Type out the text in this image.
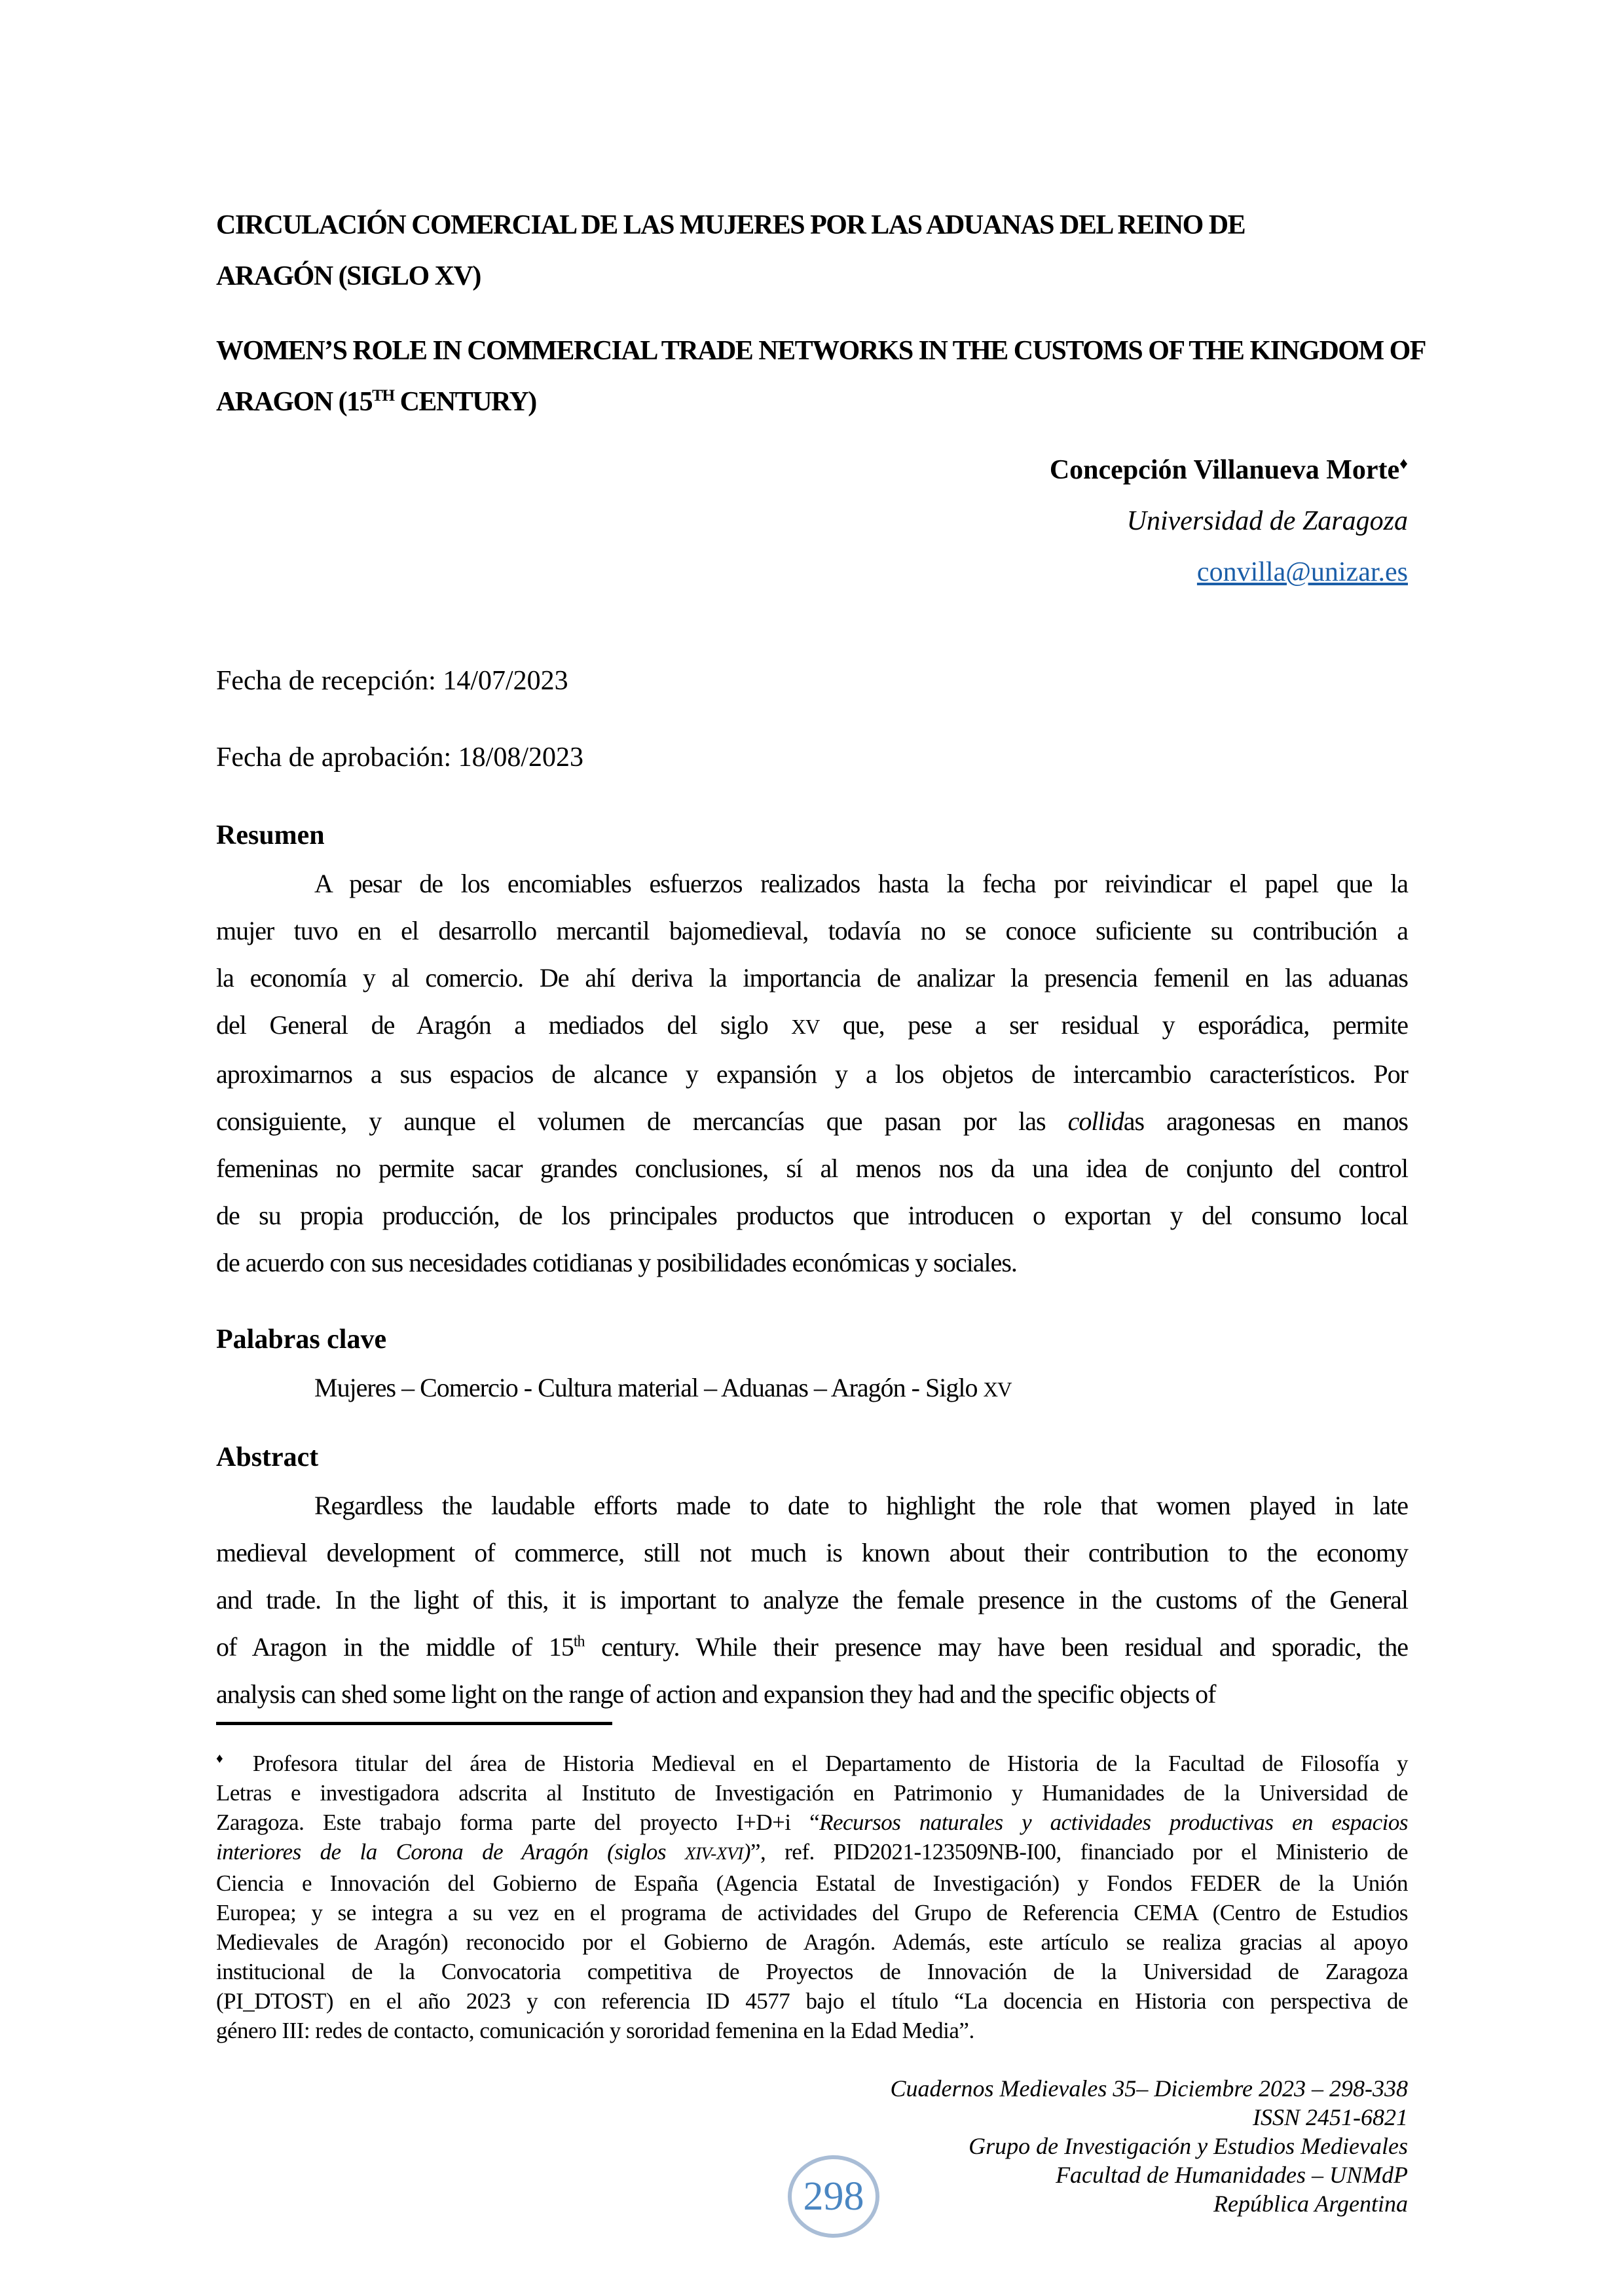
CIRCULACIÓN COMERCIAL DE LAS MUJERES POR LAS ADUANAS DEL REINO DE
ARAGÓN (SIGLO XV)
WOMEN’S ROLE IN COMMERCIAL TRADE NETWORKS IN THE CUSTOMS OF THE KINGDOM OF
ARAGON (15TH CENTURY)
Concepción Villanueva Morte♦
Universidad de Zaragoza
convilla@unizar.es

Fecha de recepción: 14/07/2023

Fecha de aprobación: 18/08/2023

Resumen
A pesar de los encomiables esfuerzos realizados hasta la fecha por reivindicar el papel que la
mujer tuvo en el desarrollo mercantil bajomedieval, todavía no se conoce suficiente su contribución a
la economía y al comercio. De ahí deriva la importancia de analizar la presencia femenil en las aduanas
del General de Aragón a mediados del siglo XV que, pese a ser residual y esporádica, permite
aproximarnos a sus espacios de alcance y expansión y a los objetos de intercambio característicos. Por
consiguiente, y aunque el volumen de mercancías que pasan por las collidas aragonesas en manos
femeninas no permite sacar grandes conclusiones, sí al menos nos da una idea de conjunto del control
de su propia producción, de los principales productos que introducen o exportan y del consumo local
de acuerdo con sus necesidades cotidianas y posibilidades económicas y sociales.
Palabras clave
Mujeres – Comercio - Cultura material – Aduanas – Aragón - Siglo XV
Abstract
Regardless the laudable efforts made to date to highlight the role that women played in late
medieval development of commerce, still not much is known about their contribution to the economy
and trade. In the light of this, it is important to analyze the female presence in the customs of the General
of Aragon in the middle of 15th century. While their presence may have been residual and sporadic, the
analysis can shed some light on the range of action and expansion they had and the specific objects of
♦ Profesora titular del área de Historia Medieval en el Departamento de Historia de la Facultad de Filosofía y
Letras e investigadora adscrita al Instituto de Investigación en Patrimonio y Humanidades de la Universidad de
Zaragoza. Este trabajo forma parte del proyecto I+D+i “Recursos naturales y actividades productivas en espacios
interiores de la Corona de Aragón (siglos XIV-XVI)”, ref. PID2021-123509NB-I00, financiado por el Ministerio de
Ciencia e Innovación del Gobierno de España (Agencia Estatal de Investigación) y Fondos FEDER de la Unión
Europea; y se integra a su vez en el programa de actividades del Grupo de Referencia CEMA (Centro de Estudios
Medievales de Aragón) reconocido por el Gobierno de Aragón. Además, este artículo se realiza gracias al apoyo
institucional de la Convocatoria competitiva de Proyectos de Innovación de la Universidad de Zaragoza
(PI_DTOST) en el año 2023 y con referencia ID 4577 bajo el título “La docencia en Historia con perspectiva de
género III: redes de contacto, comunicación y sororidad femenina en la Edad Media”.

Cuadernos Medievales 35– Diciembre 2023 – 298-338

ISSN 2451-6821

Grupo de Investigación y Estudios Medievales

Facultad de Humanidades – UNMdP

República Argentina

298
